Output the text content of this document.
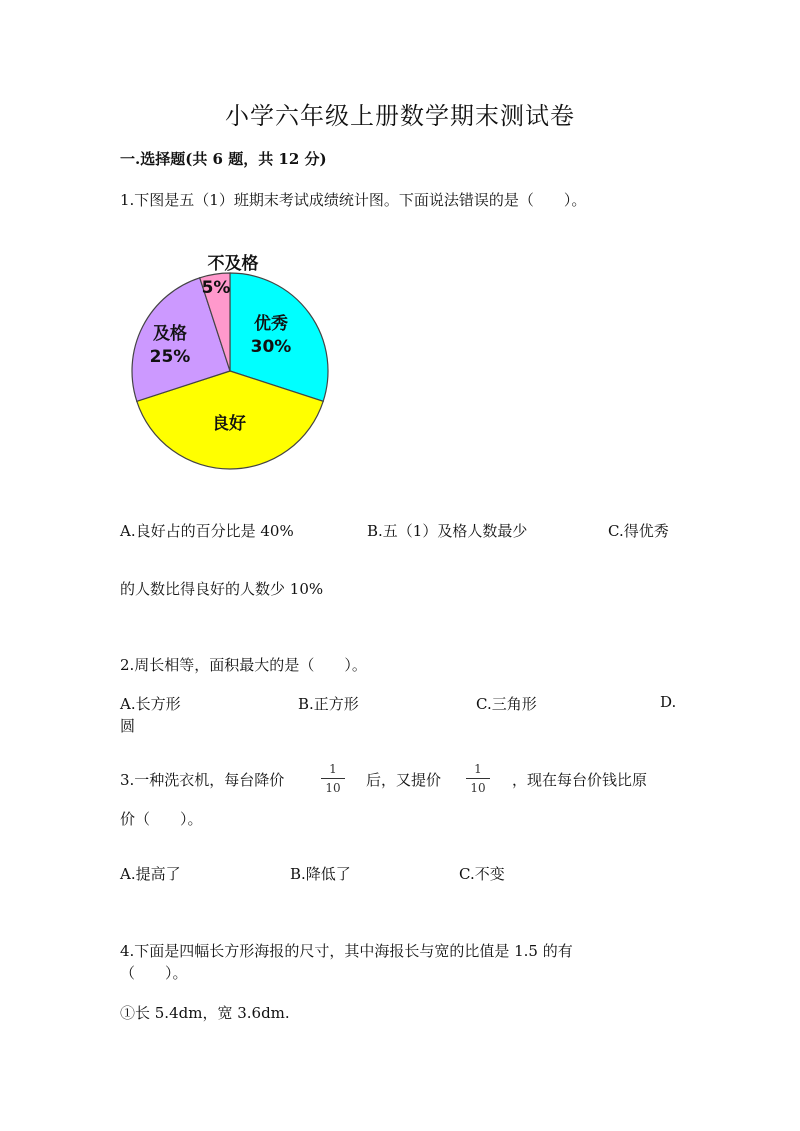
小学六年级上册数学期末测试卷
一.选择题(共 6 题，共 12 分)
1.下图是五（1）班期末考试成绩统计图。下面说法错误的是（　　）。
不及格
5%
优秀
30%
及格
25%
良好
A.良好占的百分比是 40%	B.五（1）及格人数最少	C.得优秀
的人数比得良好的人数少 10%
2.周长相等，面积最大的是（　　）。
A.长方形	B.正方形	C.三角形	D.
圆
3.一种洗衣机，每台降价
1
10 后，又提价
1
10 ，现在每台价钱比原
价（　　）。
A.提高了	B.降低了	C.不变
4.下面是四幅长方形海报的尺寸，其中海报长与宽的比值是 1.5 的有
（　　）。
①长 5.4dm，宽 3.6dm.
